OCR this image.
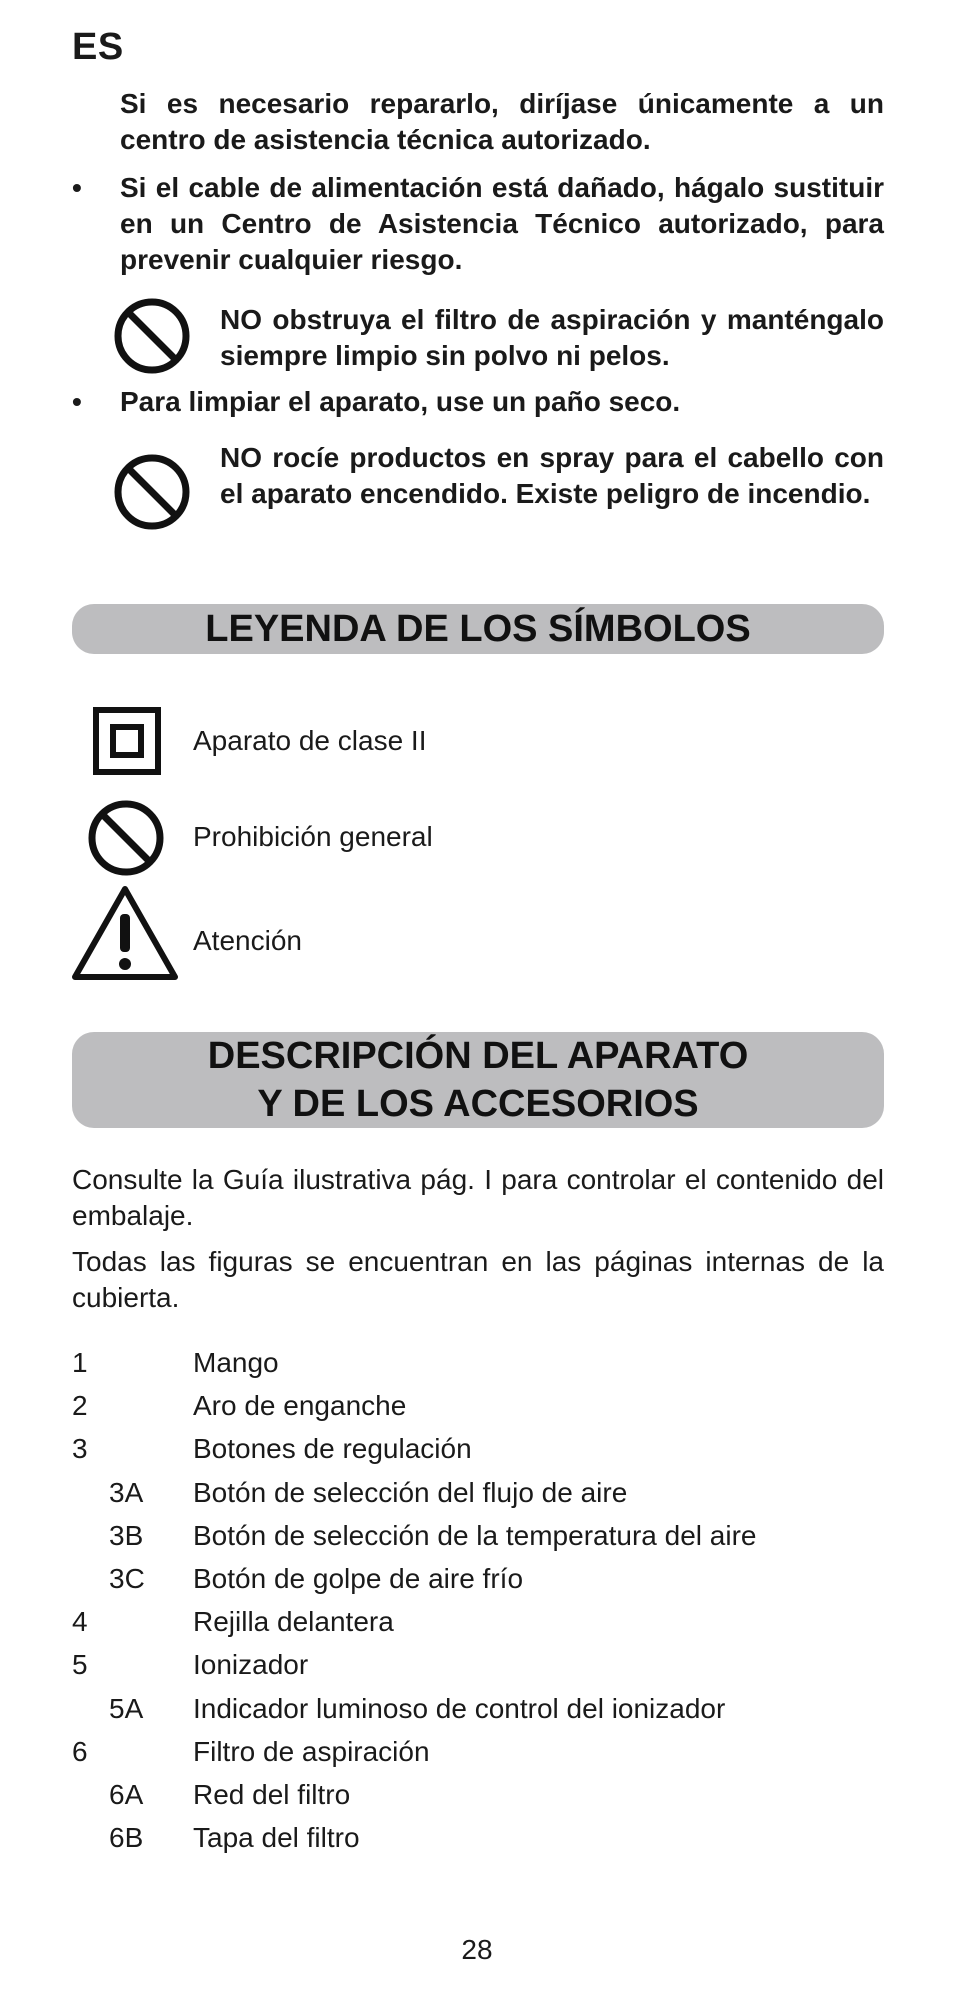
ES
Si es necesario repararlo, diríjase únicamente a un centro de asistencia técnica autorizado.
• Si el cable de alimentación está dañado, hágalo sustituir en un Centro de Asistencia Técnico autorizado, para prevenir cualquier riesgo.
NO obstruya el filtro de aspiración y manténgalo siempre limpio sin polvo ni pelos.
• Para limpiar el aparato, use un paño seco.
NO rocíe productos en spray para el cabello con el aparato encendido. Existe peligro de incendio.
LEYENDA DE LOS SÍMBOLOS
Aparato de clase II
Prohibición general
Atención
DESCRIPCIÓN DEL APARATO
Y DE LOS ACCESORIOS
Consulte la Guía ilustrativa pág. I para controlar el contenido del embalaje.
Todas las figuras se encuentran en las páginas internas de la cubierta.
1	Mango
2	Aro de enganche
3	Botones de regulación
3A Botón de selección del flujo de aire
3B Botón de selección de la temperatura del aire
3C Botón de golpe de aire frío
4	Rejilla delantera
5	Ionizador
5A Indicador luminoso de control del ionizador
6	Filtro de aspiración
6A Red del filtro
6B Tapa del filtro
28
